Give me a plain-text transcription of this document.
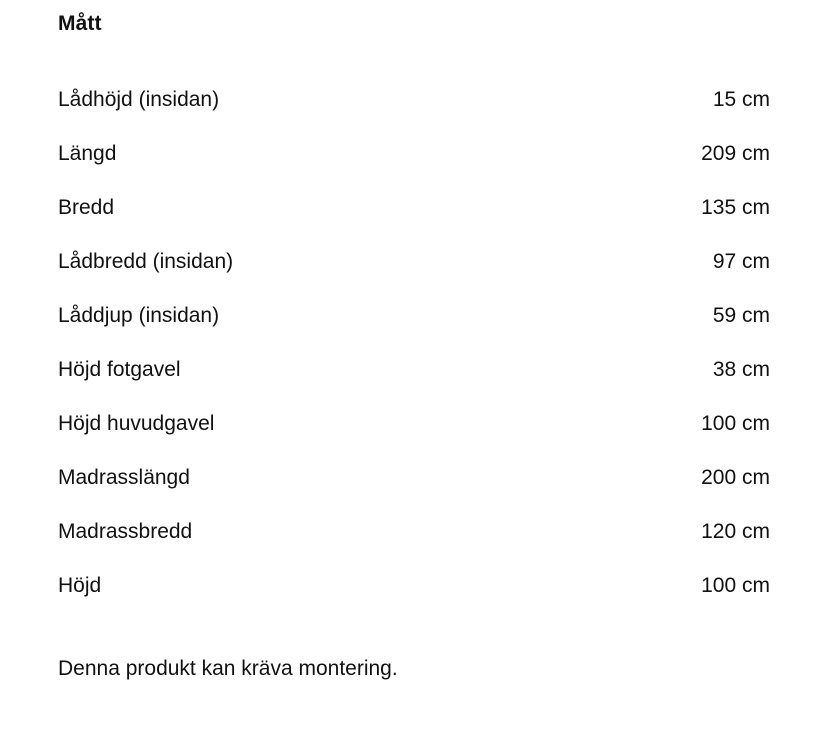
Mått
Lådhöjd (insidan)	15 cm
Längd	209 cm
Bredd	135 cm
Lådbredd (insidan)	97 cm
Låddjup (insidan)	59 cm
Höjd fotgavel	38 cm
Höjd huvudgavel	100 cm
Madrasslängd	200 cm
Madrassbredd	120 cm
Höjd	100 cm
Denna produkt kan kräva montering.
